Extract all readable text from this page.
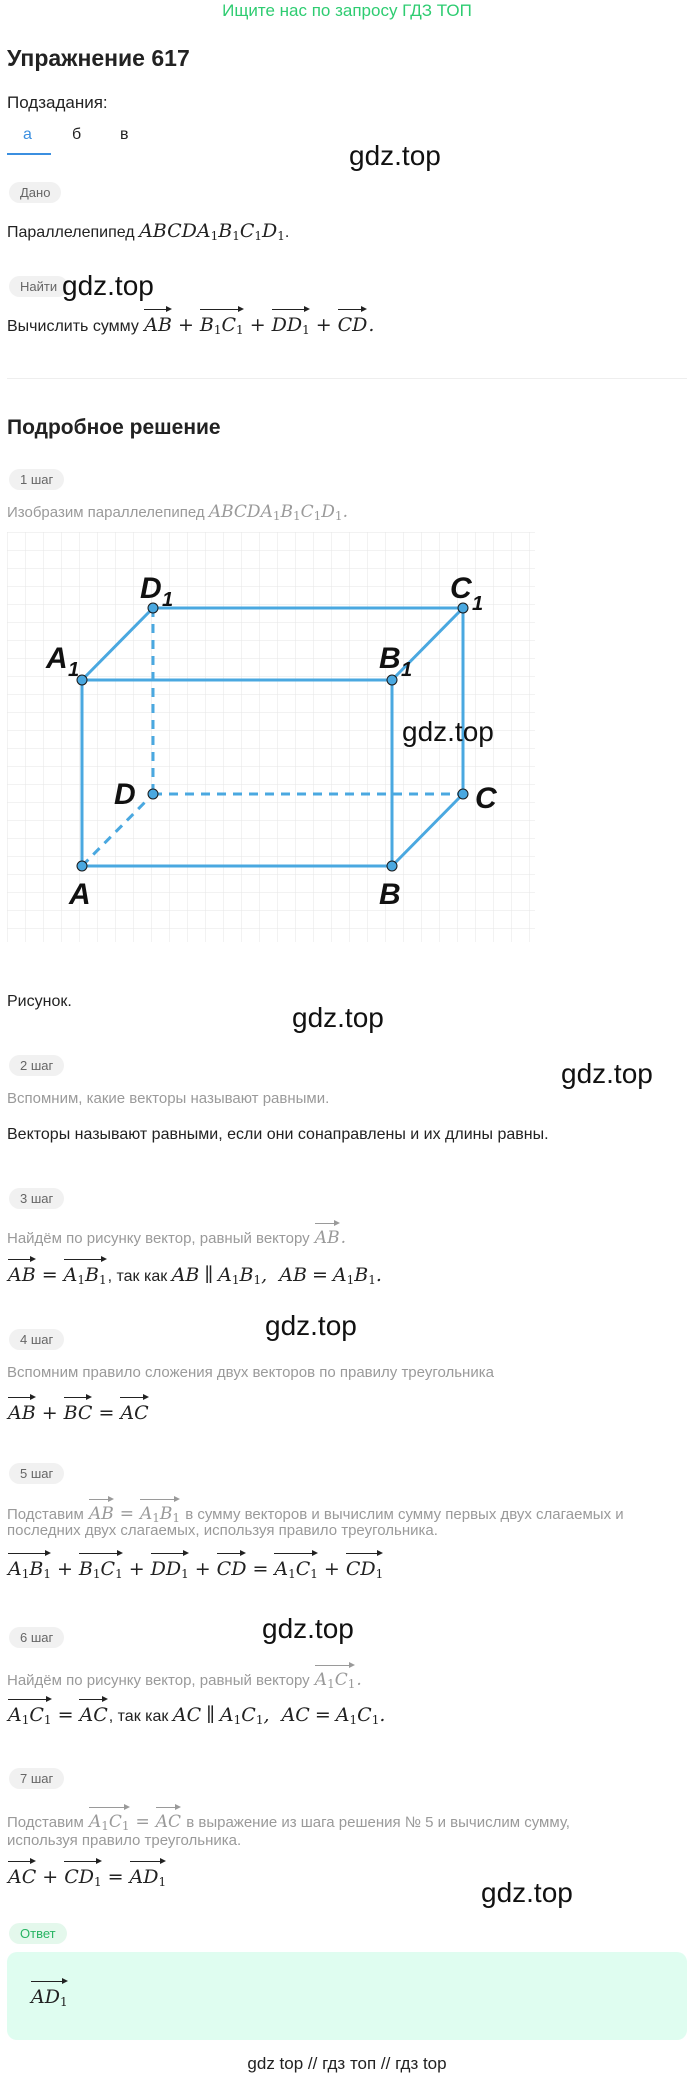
Ищите нас по запросу ГДЗ ТОП
Упражнение 617
Подзадания:
а	б в
Дано
Параллелепипед $ABCDA_1B_1C_1D_1$.
Найти
Вычислить сумму AB + $B_1C_1 + DD_1$ + CD.
Подробное решение
1 шаг
Изобразим параллелепипед $ABCDA_1B_1C_1D_1$.
D 1	C 1
A 1	B 1
D	C
A	B
Рисунок.
2 шаг
Вспомним, какие векторы называют равными.
Векторы называют равными, если они сонаправлены и их длины равны.
3 шаг
Найдём по рисунку вектор, равный вектору AB.
AB = $A_1B_1$, так как AB ∥ $A_1B_1$,  AB = $A_1B_1$.
4 шаг
Вспомним правило сложения двух векторов по правилу треугольника
AB + BC = AC
5 шаг
Подставим AB = $A_1B_1$ в сумму векторов и вычислим сумму первых двух слагаемых и
последних двух слагаемых, используя правило треугольника.
$A_1B_1 + B_1C_1 + DD_1$ + CD = $A_1C_1 + CD_1$
6 шаг
Найдём по рисунку вектор, равный вектору $A_1C_1$.
$A_1C_1$ = AC, так как AC ∥ $A_1C_1$,  AC = $A_1C_1$.
7 шаг
Подставим $A_1C_1$ = AC в выражение из шага решения № 5 и вычислим сумму,
используя правило треугольника.
AC + $CD_1 = AD_1$
Ответ
$AD_1$
gdz top // гдз топ // гдз top
gdz.top
gdz.top
gdz.top
gdz.top
gdz.top
gdz.top
gdz.top
gdz.top
